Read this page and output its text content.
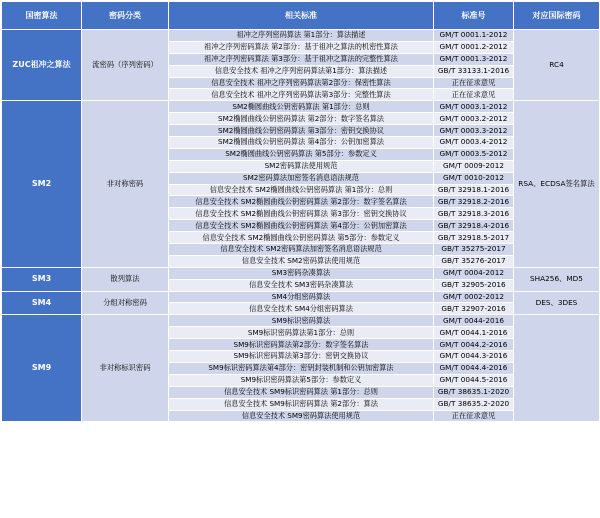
国密算法	密码分类	相关标准	标准号	对应国际密码
ZUC祖冲之算法	流密码（序列密码）	祖冲之序列密码算法 第1部分：算法描述	GM/T 0001.1-2012	RC4
		祖冲之序列密码算法 第2部分：基于祖冲之算法的机密性算法	GM/T 0001.2-2012	
		祖冲之序列密码算法 第3部分：基于祖冲之算法的完整性算法	GM/T 0001.3-2012	
		信息安全技术 祖冲之序列密码算法第1部分：算法描述	GB/T 33133.1-2016	
		信息安全技术 祖冲之序列密码算法第2部分：保密性算法	正在征求意见	
		信息安全技术 祖冲之序列密码算法第3部分：完整性算法	正在征求意见	
SM2	非对称密码	SM2椭圆曲线公钥密码算法 第1部分：总则	GM/T 0003.1-2012	RSA、ECDSA签名算法
		SM2椭圆曲线公钥密码算法 第2部分：数字签名算法	GM/T 0003.2-2012	
		SM2椭圆曲线公钥密码算法 第3部分：密钥交换协议	GM/T 0003.3-2012	
		SM2椭圆曲线公钥密码算法 第4部分：公钥加密算法	GM/T 0003.4-2012	
		SM2椭圆曲线公钥密码算法 第5部分：参数定义	GM/T 0003.5-2012	
		SM2密码算法使用规范	GM/T 0009-2012	
		SM2密码算法加密签名消息语法规范	GM/T 0010-2012	
		信息安全技术 SM2椭圆曲线公钥密码算法 第1部分：总则	GB/T 32918.1-2016	
		信息安全技术 SM2椭圆曲线公钥密码算法 第2部分：数字签名算法	GB/T 32918.2-2016	
		信息安全技术 SM2椭圆曲线公钥密码算法 第3部分：密钥交换协议	GB/T 32918.3-2016	
		信息安全技术 SM2椭圆曲线公钥密码算法 第4部分：公钥加密算法	GB/T 32918.4-2016	
		信息安全技术 SM2椭圆曲线公钥密码算法 第5部分：参数定义	GB/T 32918.5-2017	
		信息安全技术 SM2密码算法加密签名消息语法规范	GB/T 35275-2017	
		信息安全技术 SM2密码算法使用规范	GB/T 35276-2017	
SM3	散列算法	SM3密码杂凑算法	GM/T 0004-2012	SHA256、MD5
		信息安全技术 SM3密码杂凑算法	GB/T 32905-2016	
SM4	分组对称密码	SM4分组密码算法	GM/T 0002-2012	DES、3DES
		信息安全技术 SM4分组密码算法	GB/T 32907-2016	
SM9	非对称标识密码	SM9标识密码算法	GM/T 0044-2016	
		SM9标识密码算法第1部分：总则	GM/T 0044.1-2016	
		SM9标识密码算法第2部分：数字签名算法	GM/T 0044.2-2016	
		SM9标识密码算法第3部分：密钥交换协议	GM/T 0044.3-2016	
		SM9标识密码算法第4部分：密钥封装机制和公钥加密算法	GM/T 0044.4-2016	
		SM9标识密码算法第5部分：参数定义	GM/T 0044.5-2016	
		信息安全技术 SM9标识密码算法 第1部分：总则	GB/T 38635.1-2020	
		信息安全技术 SM9标识密码算法 第2部分：算法	GB/T 38635.2-2020	
		信息安全技术 SM9密码算法使用规范	正在征求意见	
